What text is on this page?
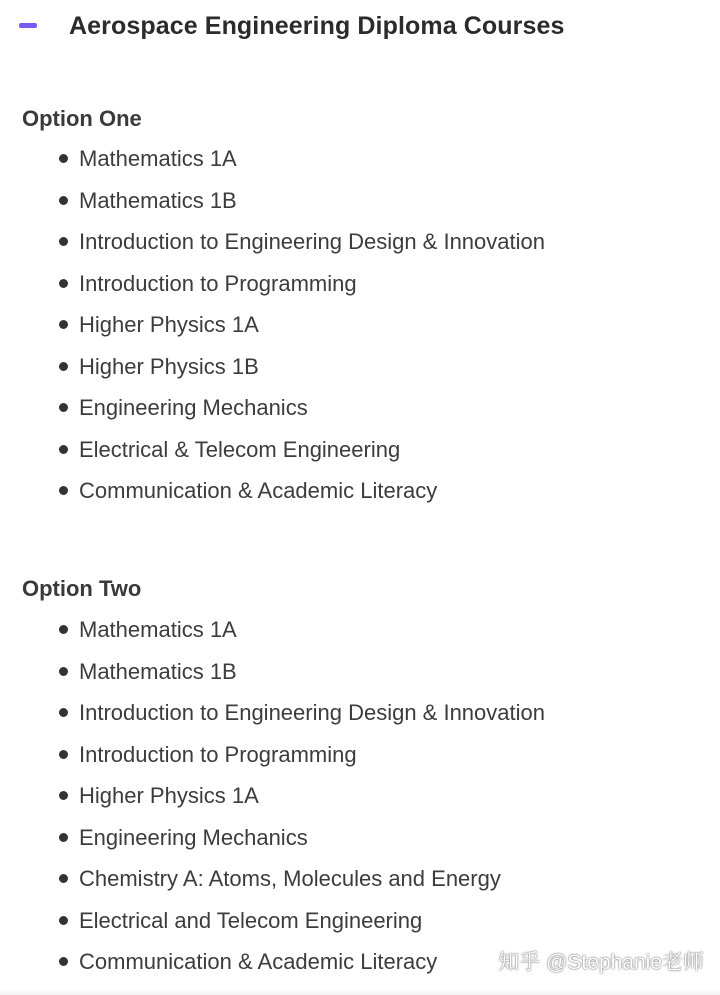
Aerospace Engineering Diploma Courses
Option One
Mathematics 1A
Mathematics 1B
Introduction to Engineering Design & Innovation
Introduction to Programming
Higher Physics 1A
Higher Physics 1B
Engineering Mechanics
Electrical & Telecom Engineering
Communication & Academic Literacy
Option Two
Mathematics 1A
Mathematics 1B
Introduction to Engineering Design & Innovation
Introduction to Programming
Higher Physics 1A
Engineering Mechanics
Chemistry A: Atoms, Molecules and Energy
Electrical and Telecom Engineering
Communication & Academic Literacy	知乎 @Stephanie老师
